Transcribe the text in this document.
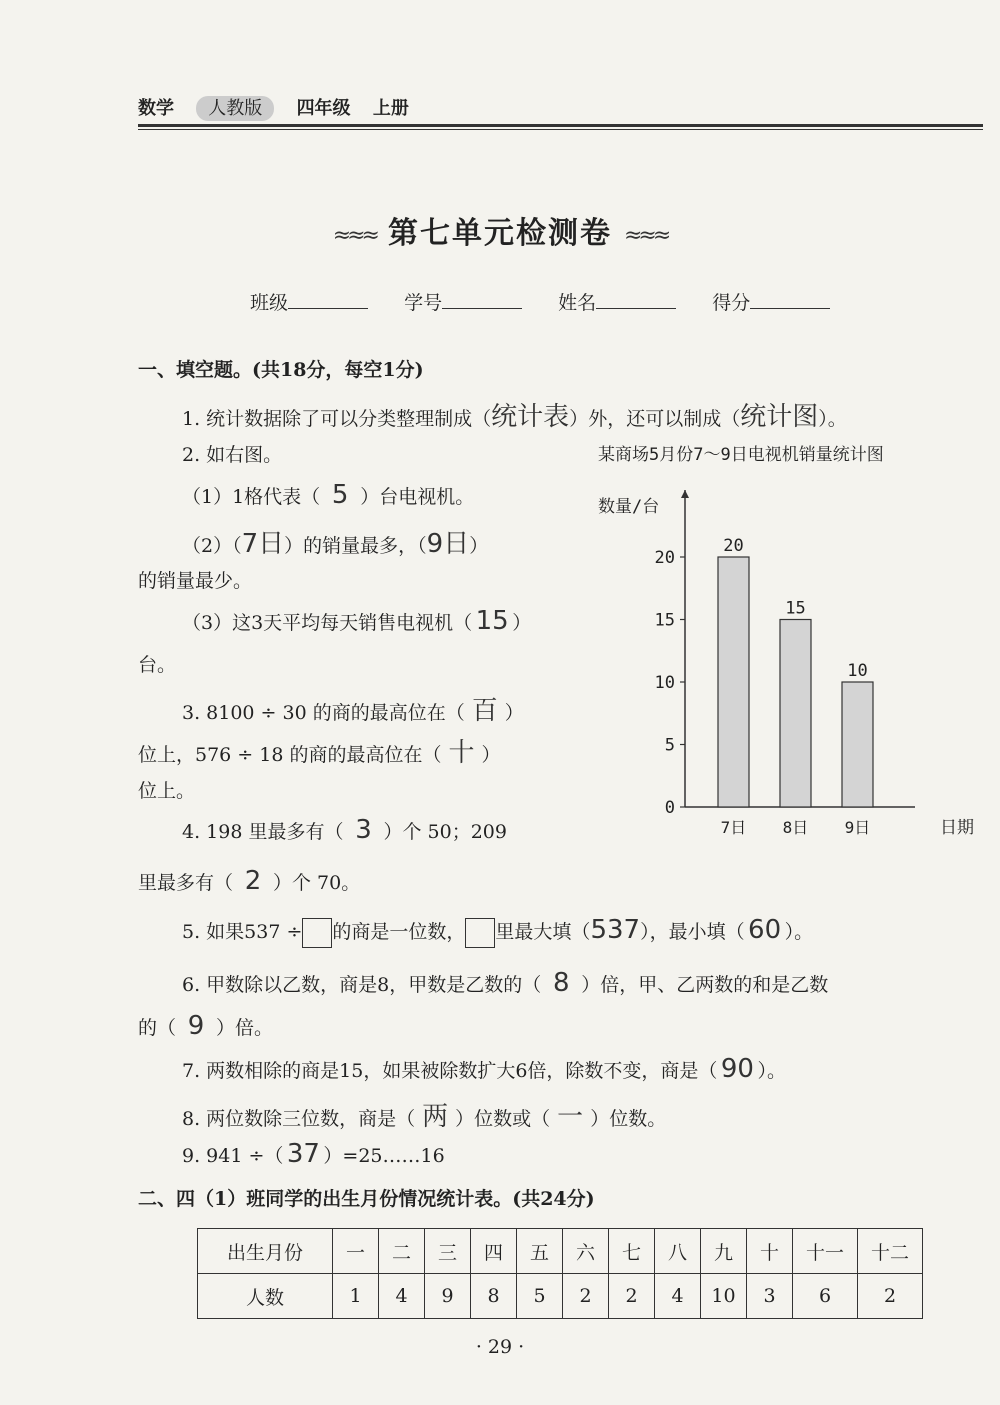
数学 人教版 四年级 上册
≈≈≈ 第七单元检测卷 ≈≈≈
班级	学号	姓名	得分
一、填空题。(共18分，每空1分)
1. 统计数据除了可以分类整理制成（统计表）外，还可以制成（统计图）。
2. 如右图。
（1）1格代表（ 5 ）台电视机。
（2）（7日）的销量最多，（9日）
的销量最少。
（3）这3天平均每天销售电视机（ 15 ）
台。
3. 8100 ÷ 30 的商的最高位在（ 百 ）
位上，576 ÷ 18 的商的最高位在（ 十 ）
位上。
4. 198 里最多有（ 3 ）个 50；209
里最多有（ 2 ）个 70。
5. 如果537 ÷ 的商是一位数， 里最大填（537），最小填（ 60 ）。
6. 甲数除以乙数，商是8，甲数是乙数的（ 8 ）倍，甲、乙两数的和是乙数
的（ 9 ）倍。
7. 两数相除的商是15，如果被除数扩大6倍，除数不变，商是（ 90 ）。
8. 两位数除三位数，商是（ 两 ）位数或（ 一 ）位数。
9. 941 ÷（ 37 ）=25……16
某商场5月份7～9日电视机销量统计图
数量/台
0
5
10
15
20
20
7日
15
8日
10
9日	日期
二、四（1）班同学的出生月份情况统计表。(共24分)
出生月份	一	二	三	四	五	六	七	八	九	十	十一	十二
人数	1	4	9	8	5	2	2	4	10	3	6	2
· 29 ·
